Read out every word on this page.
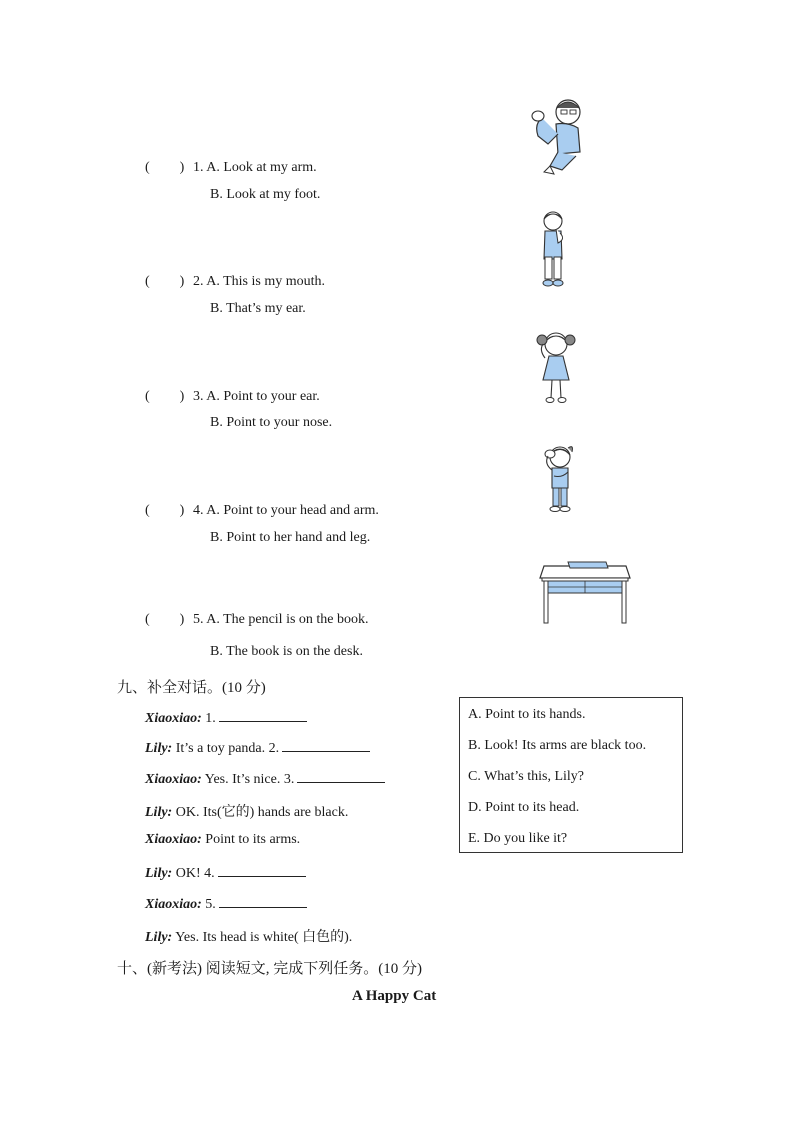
( ) 1. A. Look at my arm.
B. Look at my foot.
( ) 2. A. This is my mouth.
B. That’s my ear.
( ) 3. A. Point to your ear.
B. Point to your nose.
( ) 4. A. Point to your head and arm.
B. Point to her hand and leg.
( ) 5. A. The pencil is on the book.
B. The book is on the desk.
九、补全对话。(10 分)
Xiaoxiao: 1.
Lily: It’s a toy panda. 2.
Xiaoxiao: Yes. It’s nice. 3.
Lily: OK. Its(它的) hands are black.
Xiaoxiao: Point to its arms.
Lily: OK! 4.
Xiaoxiao: 5.
Lily: Yes. Its head is white( 白色的).
A. Point to its hands.
B. Look! Its arms are black too.
C. What’s this, Lily?
D. Point to its head.
E. Do you like it?
十、(新考法) 阅读短文, 完成下列任务。(10 分)
A Happy Cat
